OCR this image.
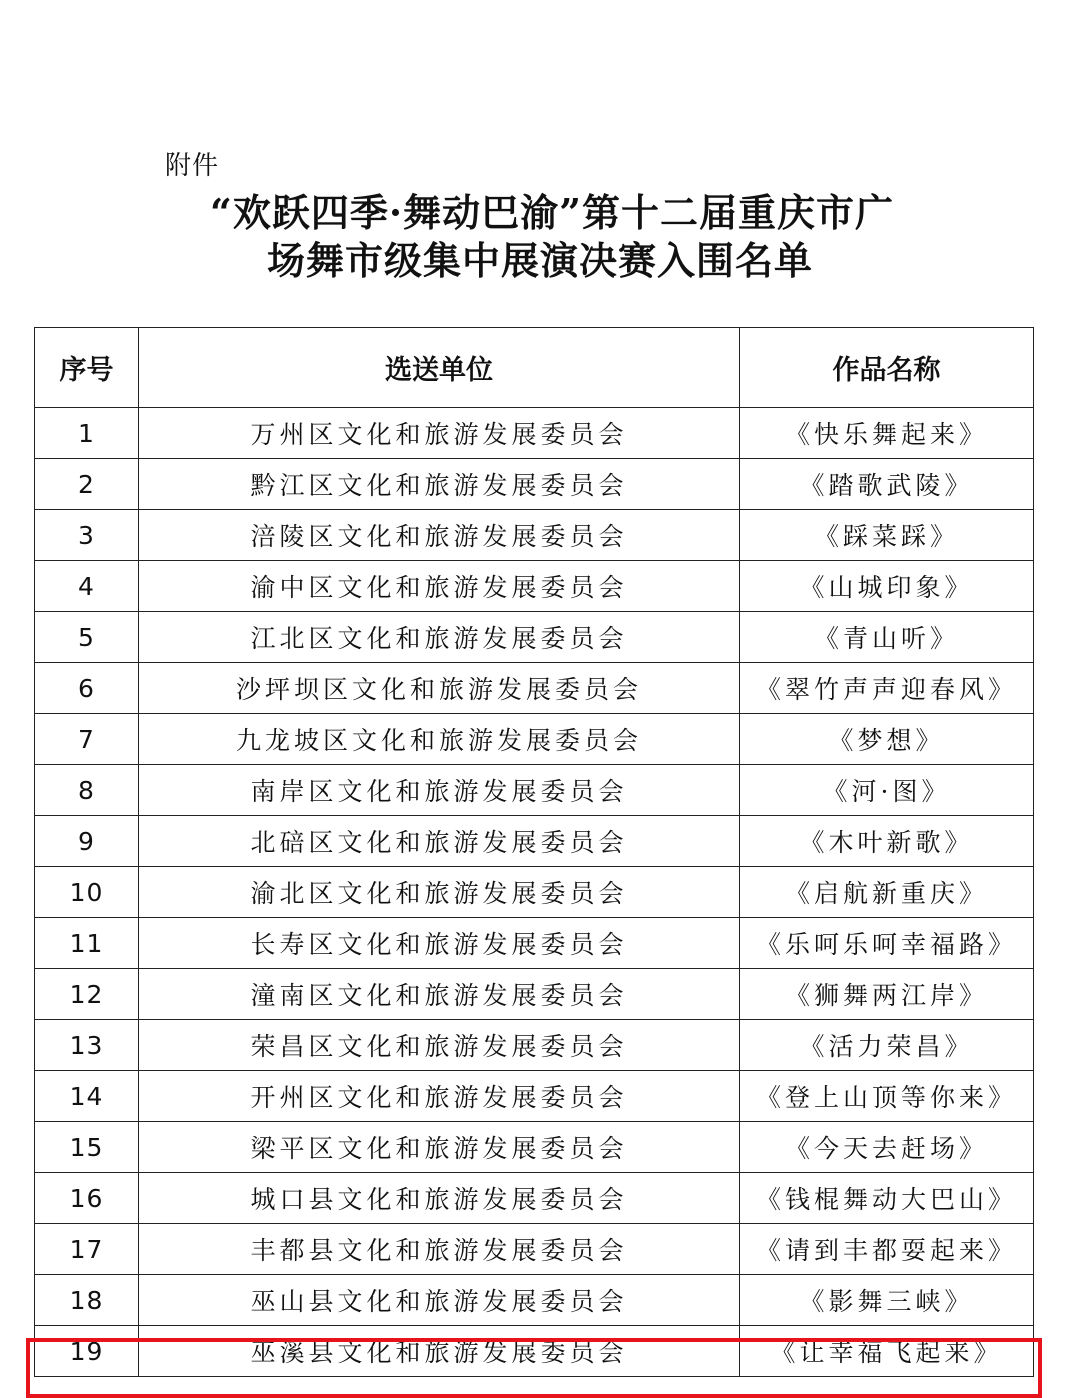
附件
“欢跃四季·舞动巴渝”第十二届重庆市广
场舞市级集中展演决赛入围名单
序号	选送单位	作品名称
1	万州区文化和旅游发展委员会	《快乐舞起来》
2	黔江区文化和旅游发展委员会	《踏歌武陵》
3	涪陵区文化和旅游发展委员会	《踩菜踩》
4	渝中区文化和旅游发展委员会	《山城印象》
5	江北区文化和旅游发展委员会	《青山听》
6	沙坪坝区文化和旅游发展委员会	《翠竹声声迎春风》
7	九龙坡区文化和旅游发展委员会	《梦想》
8	南岸区文化和旅游发展委员会	《河·图》
9	北碚区文化和旅游发展委员会	《木叶新歌》
10	渝北区文化和旅游发展委员会	《启航新重庆》
11	长寿区文化和旅游发展委员会	《乐呵乐呵幸福路》
12	潼南区文化和旅游发展委员会	《狮舞两江岸》
13	荣昌区文化和旅游发展委员会	《活力荣昌》
14	开州区文化和旅游发展委员会	《登上山顶等你来》
15	梁平区文化和旅游发展委员会	《今天去赶场》
16	城口县文化和旅游发展委员会	《钱棍舞动大巴山》
17	丰都县文化和旅游发展委员会	《请到丰都耍起来》
18	巫山县文化和旅游发展委员会	《影舞三峡》
19	巫溪县文化和旅游发展委员会	《让幸福飞起来》
